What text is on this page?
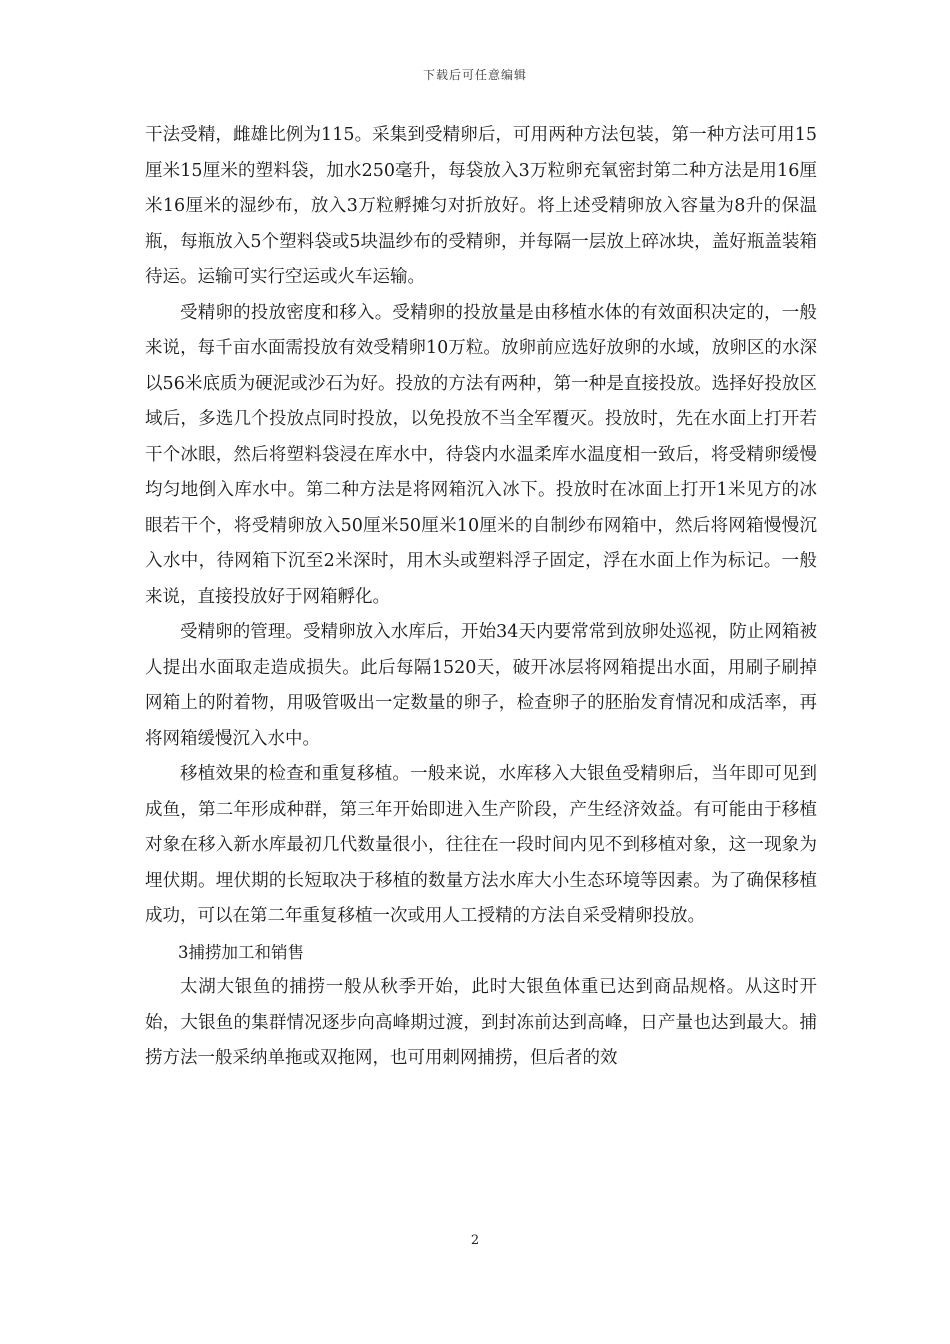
下载后可任意编辑

干法受精，雌雄比例为115。采集到受精卵后，可用两种方法包装，第一种方法可用15厘米15厘米的塑料袋，加水250毫升，每袋放入3万粒卵充氧密封第二种方法是用16厘米16厘米的湿纱布，放入3万粒孵摊匀对折放好。将上述受精卵放入容量为8升的保温瓶，每瓶放入5个塑料袋或5块温纱布的受精卵，并每隔一层放上碎冰块，盖好瓶盖装箱待运。运输可实行空运或火车运输。

受精卵的投放密度和移入。受精卵的投放量是由移植水体的有效面积决定的，一般来说，每千亩水面需投放有效受精卵10万粒。放卵前应选好放卵的水域，放卵区的水深以56米底质为硬泥或沙石为好。投放的方法有两种，第一种是直接投放。选择好投放区域后，多选几个投放点同时投放，以免投放不当全军覆灭。投放时，先在水面上打开若干个冰眼，然后将塑料袋浸在库水中，待袋内水温柔库水温度相一致后，将受精卵缓慢均匀地倒入库水中。第二种方法是将网箱沉入冰下。投放时在冰面上打开1米见方的冰眼若干个，将受精卵放入50厘米50厘米10厘米的自制纱布网箱中，然后将网箱慢慢沉入水中，待网箱下沉至2米深时，用木头或塑料浮子固定，浮在水面上作为标记。一般来说，直接投放好于网箱孵化。

受精卵的管理。受精卵放入水库后，开始34天内要常常到放卵处巡视，防止网箱被人提出水面取走造成损失。此后每隔1520天，破开冰层将网箱提出水面，用刷子刷掉网箱上的附着物，用吸管吸出一定数量的卵子，检查卵子的胚胎发育情况和成活率，再将网箱缓慢沉入水中。

移植效果的检查和重复移植。一般来说，水库移入大银鱼受精卵后，当年即可见到成鱼，第二年形成种群，第三年开始即进入生产阶段，产生经济效益。有可能由于移植对象在移入新水库最初几代数量很小，往往在一段时间内见不到移植对象，这一现象为埋伏期。埋伏期的长短取决于移植的数量方法水库大小生态环境等因素。为了确保移植成功，可以在第二年重复移植一次或用人工授精的方法自采受精卵投放。

3捕捞加工和销售

太湖大银鱼的捕捞一般从秋季开始，此时大银鱼体重已达到商品规格。从这时开始，大银鱼的集群情况逐步向高峰期过渡，到封冻前达到高峰，日产量也达到最大。捕捞方法一般采纳单拖或双拖网，也可用刺网捕捞，但后者的效

2
